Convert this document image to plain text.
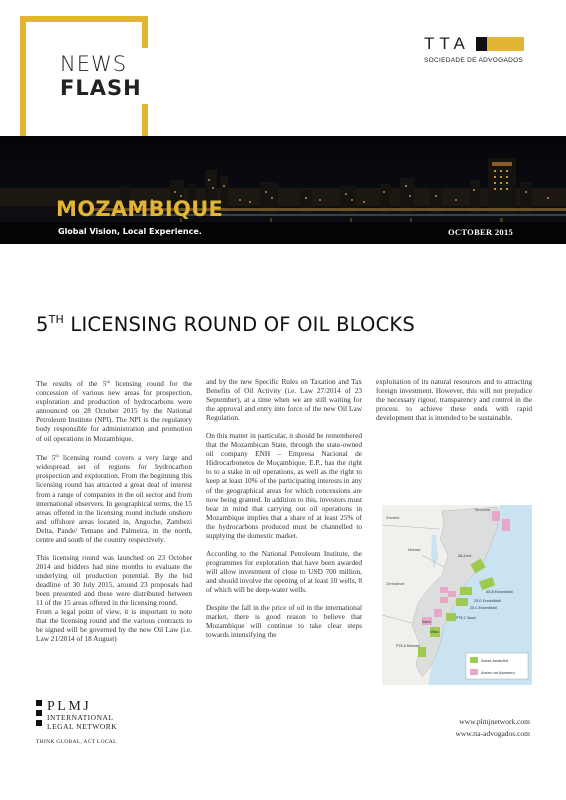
NEWS
FLASH
TTA
SOCIEDADE DE ADVOGADOS
MOZAMBIQUE
Global Vision, Local Experience.	OCTOBER 2015
5TH LICENSING ROUND OF OIL BLOCKS

The results of the 5th licensing round for the concession of various new areas for prospection, exploration and production of hydrocarbons were announced on 28 October 2015 by the National Petroleum Institute (NPI). The NPI is the regulatory body responsible for administration and promotion of oil operations in Mozambique.

The 5th licensing round covers a very large and widespread set of regions for hydrocarbon prospection and exploration. From the beginning this licensing round has attracted a great deal of interest from a range of companies in the oil sector and from international observers. In geographical terms, the 15 areas offered in the licensing round include onshore and offshore areas located in, Angoche, Zambezi Delta, Pande/ Temane and Palmeira, in the north, centre and south of the country respectively.

This licensing round was launched on 23 October 2014 and bidders had nine months to evaluate the underlying oil production potential. By the bid deadline of 30 July 2015, around 23 proposals had been presented and these were distributed between 11 of the 15 areas offered in the licensing round.

From a legal point of view, it is important to note that the licensing round and the various contracts to be signed will be governed by the new Oil Law (i.e. Law 21/2014 of 18 August)

and by the new Specific Rules on Taxation and Tax Benefits of Oil Activity (i.e. Law 27/2014 of 23 September), at a time when we are still waiting for the approval and entry into force of the new Oil Law Regulation.

On this matter in particular, it should be remembered that the Mozambican State, through the state-owned oil company ENH – Empresa Nacional de Hidrocarbonetos de Moçambique, E.P., has the right to to a stake in oil operations, as well as the right to keep at least 10% of the participating interests in any of the geographical areas for which concessions are now being granted. In addition to this, investors must bear in mind that carrying out oil operations in Mozambique implies that a share of at least 25% of the hydrocarbons produced must be channelled to supplying the domestic market.

According to the National Petroleum Institute, the programmes for exploration that have been awarded will allow investment of close to USD 700 million, and should involve the opening of at least 10 wells, 8 of which will be deep-water wells.

Despite the fall in the price of oil in the international market, there is good reason to believe that Mozambique will continue to take clear steps towards intensifying the

exploitation of its natural resources and to attracting foreign investment. However, this will not prejudice the necessary rigour, transparency and control in the process to achieve these ends with rapid development that is intended to be sustainable.

Areas Awarded
Areas not Awarded
Tanzania
Zambia
Malawi
Zimbabwe
A5-A eni
A5-B ExxonMobil
Z5-D ExxonMobil
Z5-C ExxonMobil
PT5-C Sasol
Mitsui
PT5-A Delonex
Sasol
PLMJ
INTERNATIONAL
LEGAL NETWORK
THINK GLOBAL, ACT LOCAL
www.plmjnetwork.com
www.tta-advogados.com
